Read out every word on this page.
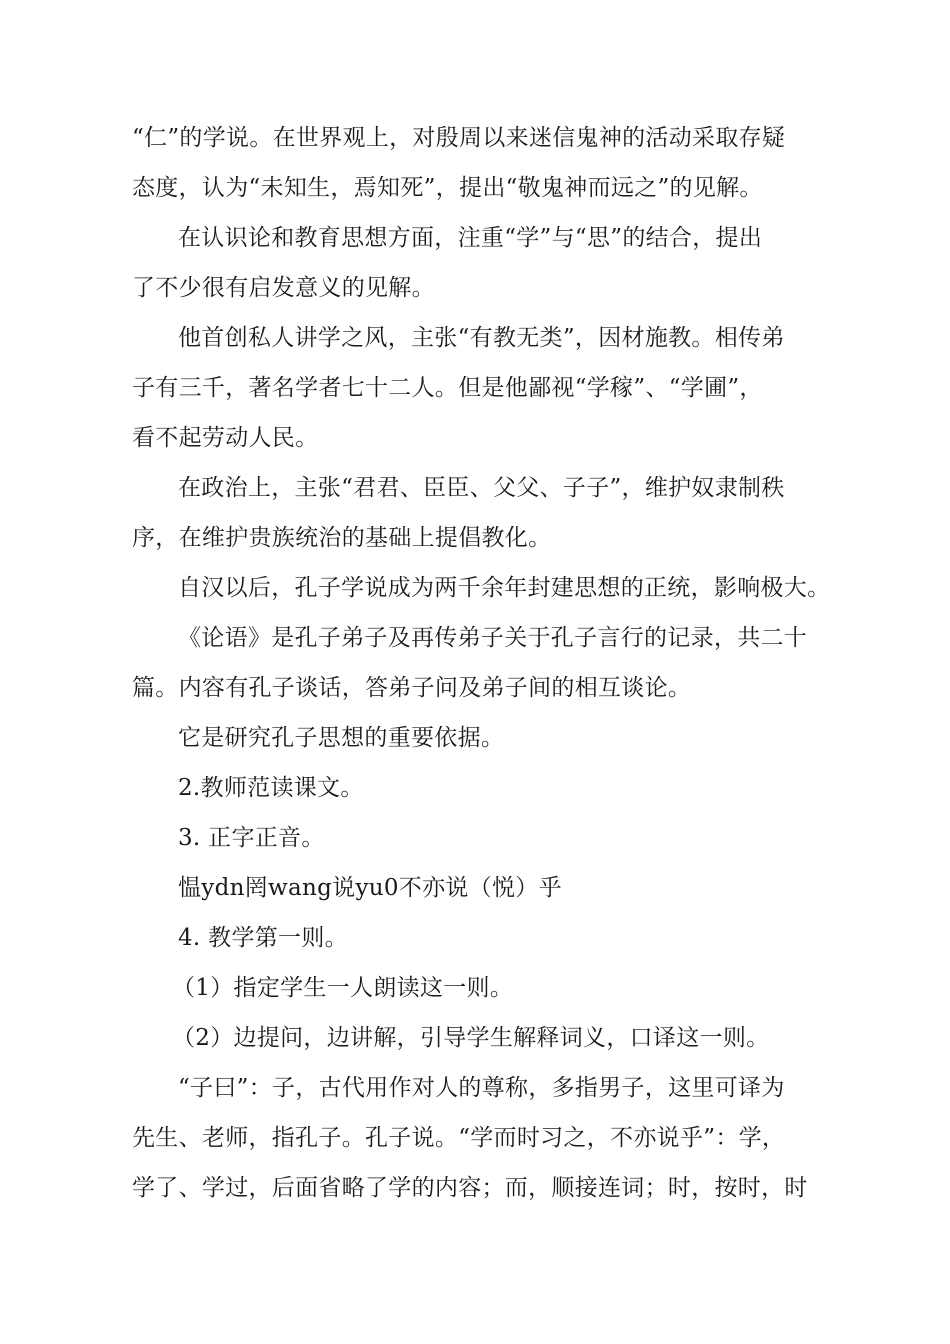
“仁”的学说。在世界观上，对殷周以来迷信鬼神的活动采取存疑
态度，认为“未知生，焉知死”，提出“敬鬼神而远之”的见解。
在认识论和教育思想方面，注重“学”与“思”的结合，提出
了不少很有启发意义的见解。
他首创私人讲学之风，主张“有教无类”，因材施教。相传弟
子有三千，著名学者七十二人。但是他鄙视“学稼”、“学圃”，
看不起劳动人民。
在政治上，主张“君君、臣臣、父父、子子”，维护奴隶制秩
序，在维护贵族统治的基础上提倡教化。
自汉以后，孔子学说成为两千余年封建思想的正统，影响极大。
《论语》是孔子弟子及再传弟子关于孔子言行的记录，共二十
篇。内容有孔子谈话，答弟子问及弟子间的相互谈论。
它是研究孔子思想的重要依据。
2.教师范读课文。
3. 正字正音。
愠ydn罔wang说yu0不亦说（悦）乎
4. 教学第一则。
（1）指定学生一人朗读这一则。
（2）边提问，边讲解，引导学生解释词义，口译这一则。
“子曰”：子，古代用作对人的尊称，多指男子，这里可译为
先生、老师，指孔子。孔子说。“学而时习之，不亦说乎”：学，
学了、学过，后面省略了学的内容；而，顺接连词；时，按时，时
